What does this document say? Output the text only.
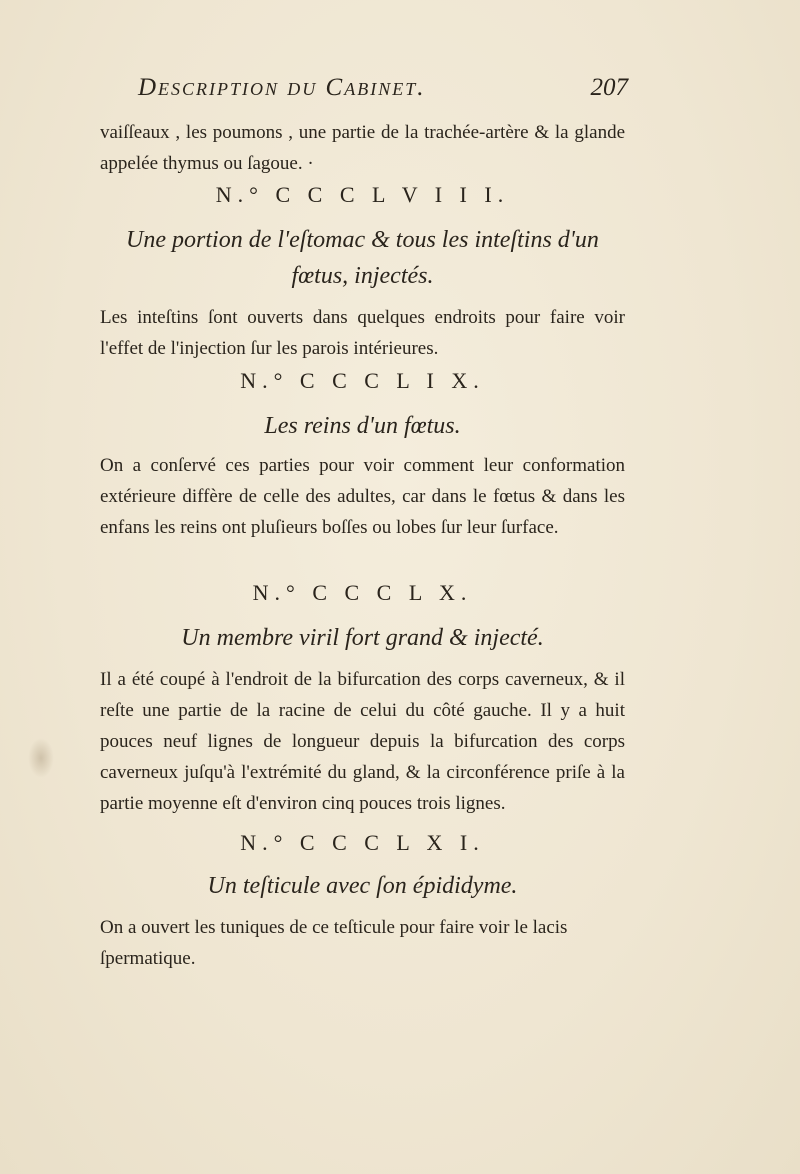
Description du Cabinet.	207

vaiſſeaux , les poumons , une partie de la trachée-artère & la glande appelée thymus ou ſagoue. ·

N.° C C C L V I I I.

Une portion de l'eſtomac & tous les inteſtins d'un fœtus, injectés.

Les inteſtins ſont ouverts dans quelques endroits pour faire voir l'effet de l'injection ſur les parois intérieures.

N.° C C C L I X.

Les reins d'un fœtus.

On a conſervé ces parties pour voir comment leur conformation extérieure diffère de celle des adultes, car dans le fœtus & dans les enfans les reins ont pluſieurs boſſes ou lobes ſur leur ſurface.

N.° C C C L X.

Un membre viril fort grand & injecté.

Il a été coupé à l'endroit de la bifurcation des corps caverneux, & il reſte une partie de la racine de celui du côté gauche. Il y a huit pouces neuf lignes de longueur depuis la bifurcation des corps caverneux juſqu'à l'extrémité du gland, & la circonférence priſe à la partie moyenne eſt d'environ cinq pouces trois lignes.

N.° C C C L X I.

Un teſticule avec ſon épididyme.

On a ouvert les tuniques de ce teſticule pour faire voir le lacis ſpermatique.
